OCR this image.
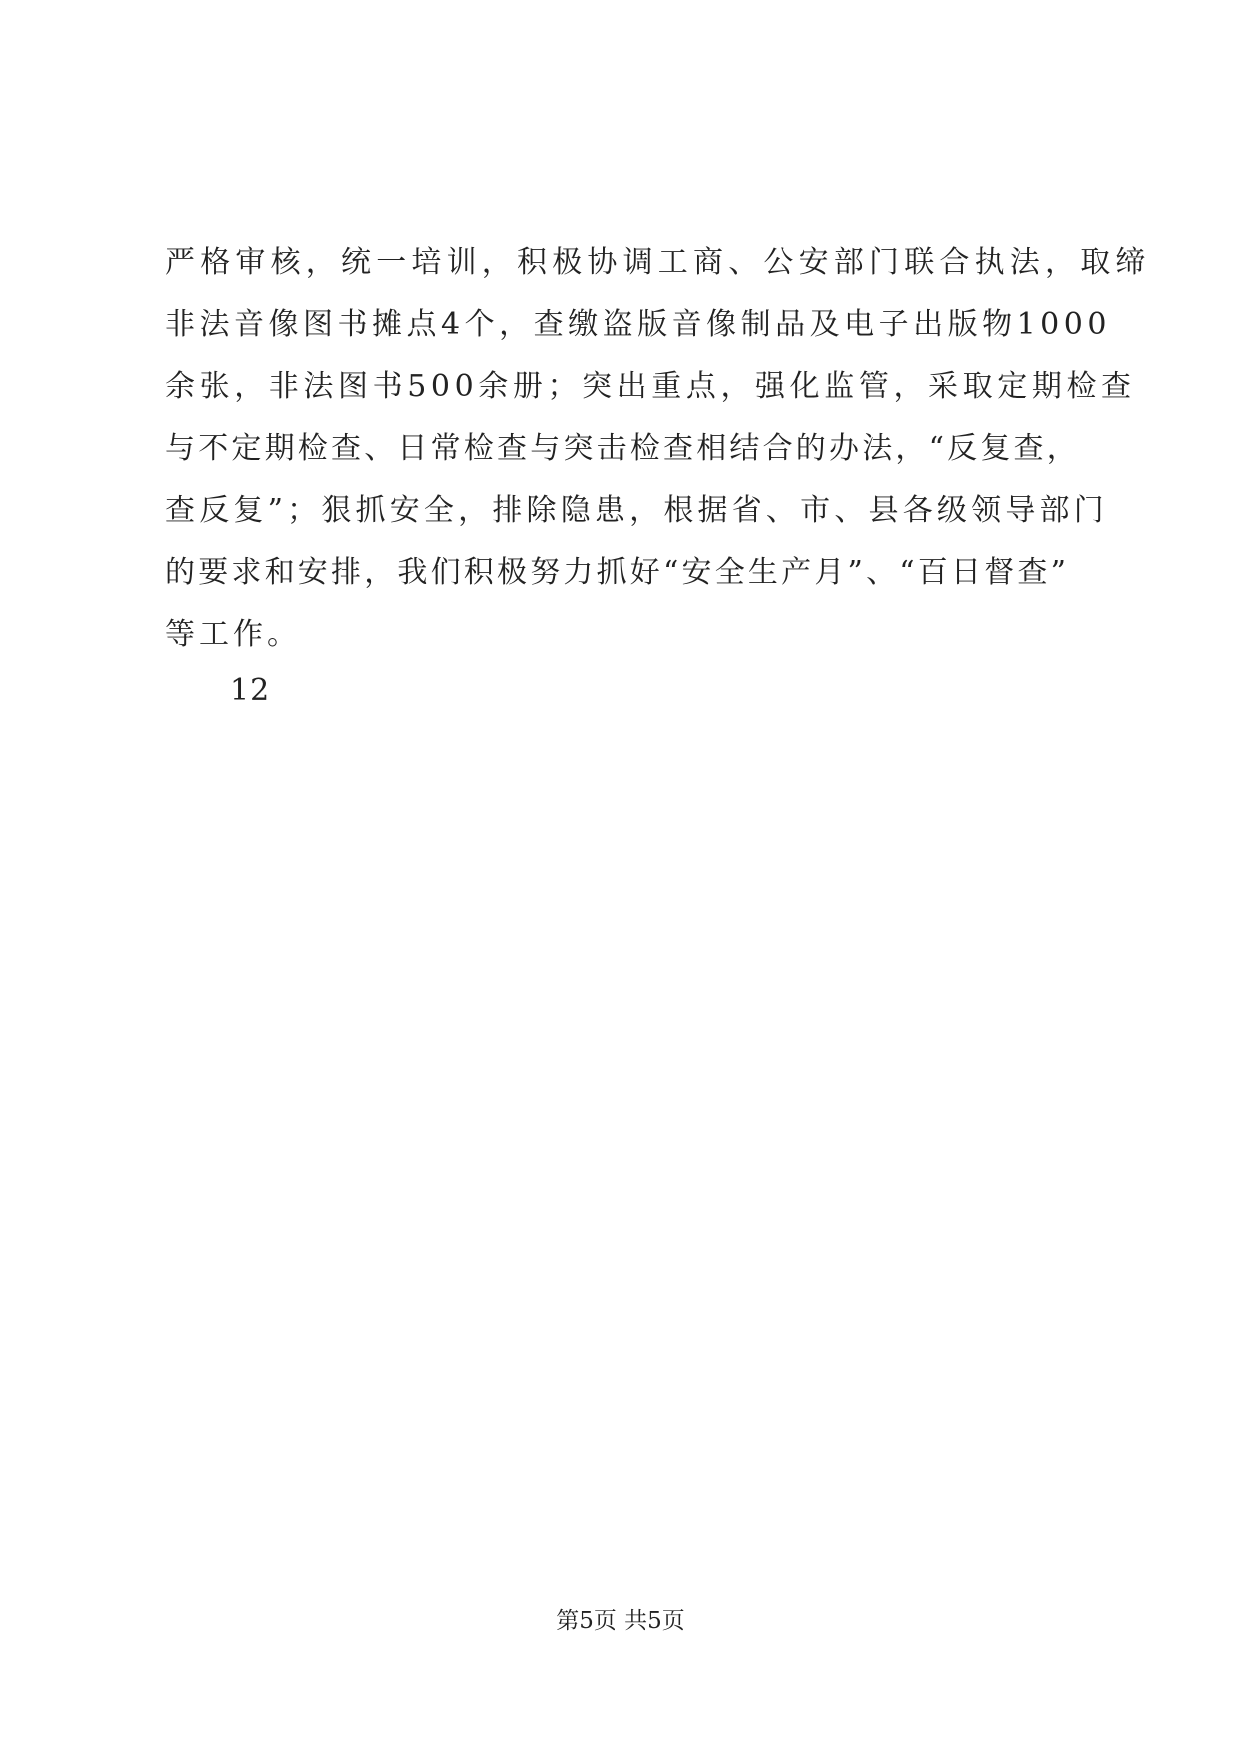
严格审核，统一培训，积极协调工商、公安部门联合执法，取缔
非法音像图书摊点4个，查缴盗版音像制品及电子出版物1000
余张，非法图书500余册；突出重点，强化监管，采取定期检查
与不定期检查、日常检查与突击检查相结合的办法，“反复查，
查反复”；狠抓安全，排除隐患，根据省、市、县各级领导部门
的要求和安排，我们积极努力抓好“安全生产月”、“百日督查”
等工作。
12
第5页 共5页
